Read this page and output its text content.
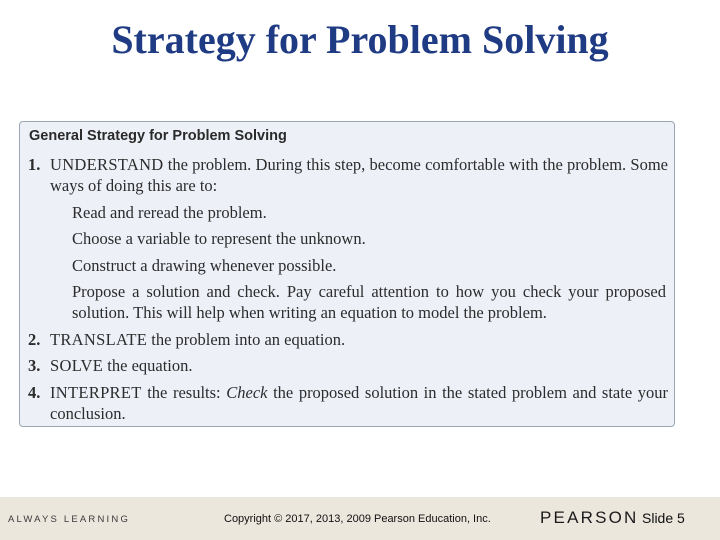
Strategy for Problem Solving
General Strategy for Problem Solving
1. UNDERSTAND the problem. During this step, become comfortable with the problem. Some ways of doing this are to:
Read and reread the problem.
Choose a variable to represent the unknown.
Construct a drawing whenever possible.
Propose a solution and check. Pay careful attention to how you check your proposed solution. This will help when writing an equation to model the problem.
2. TRANSLATE the problem into an equation.
3. SOLVE the equation.
4. INTERPRET the results: Check the proposed solution in the stated problem and state your conclusion.
ALWAYS LEARNING	Copyright © 2017, 2013, 2009 Pearson Education, Inc.	PEARSON Slide 5
